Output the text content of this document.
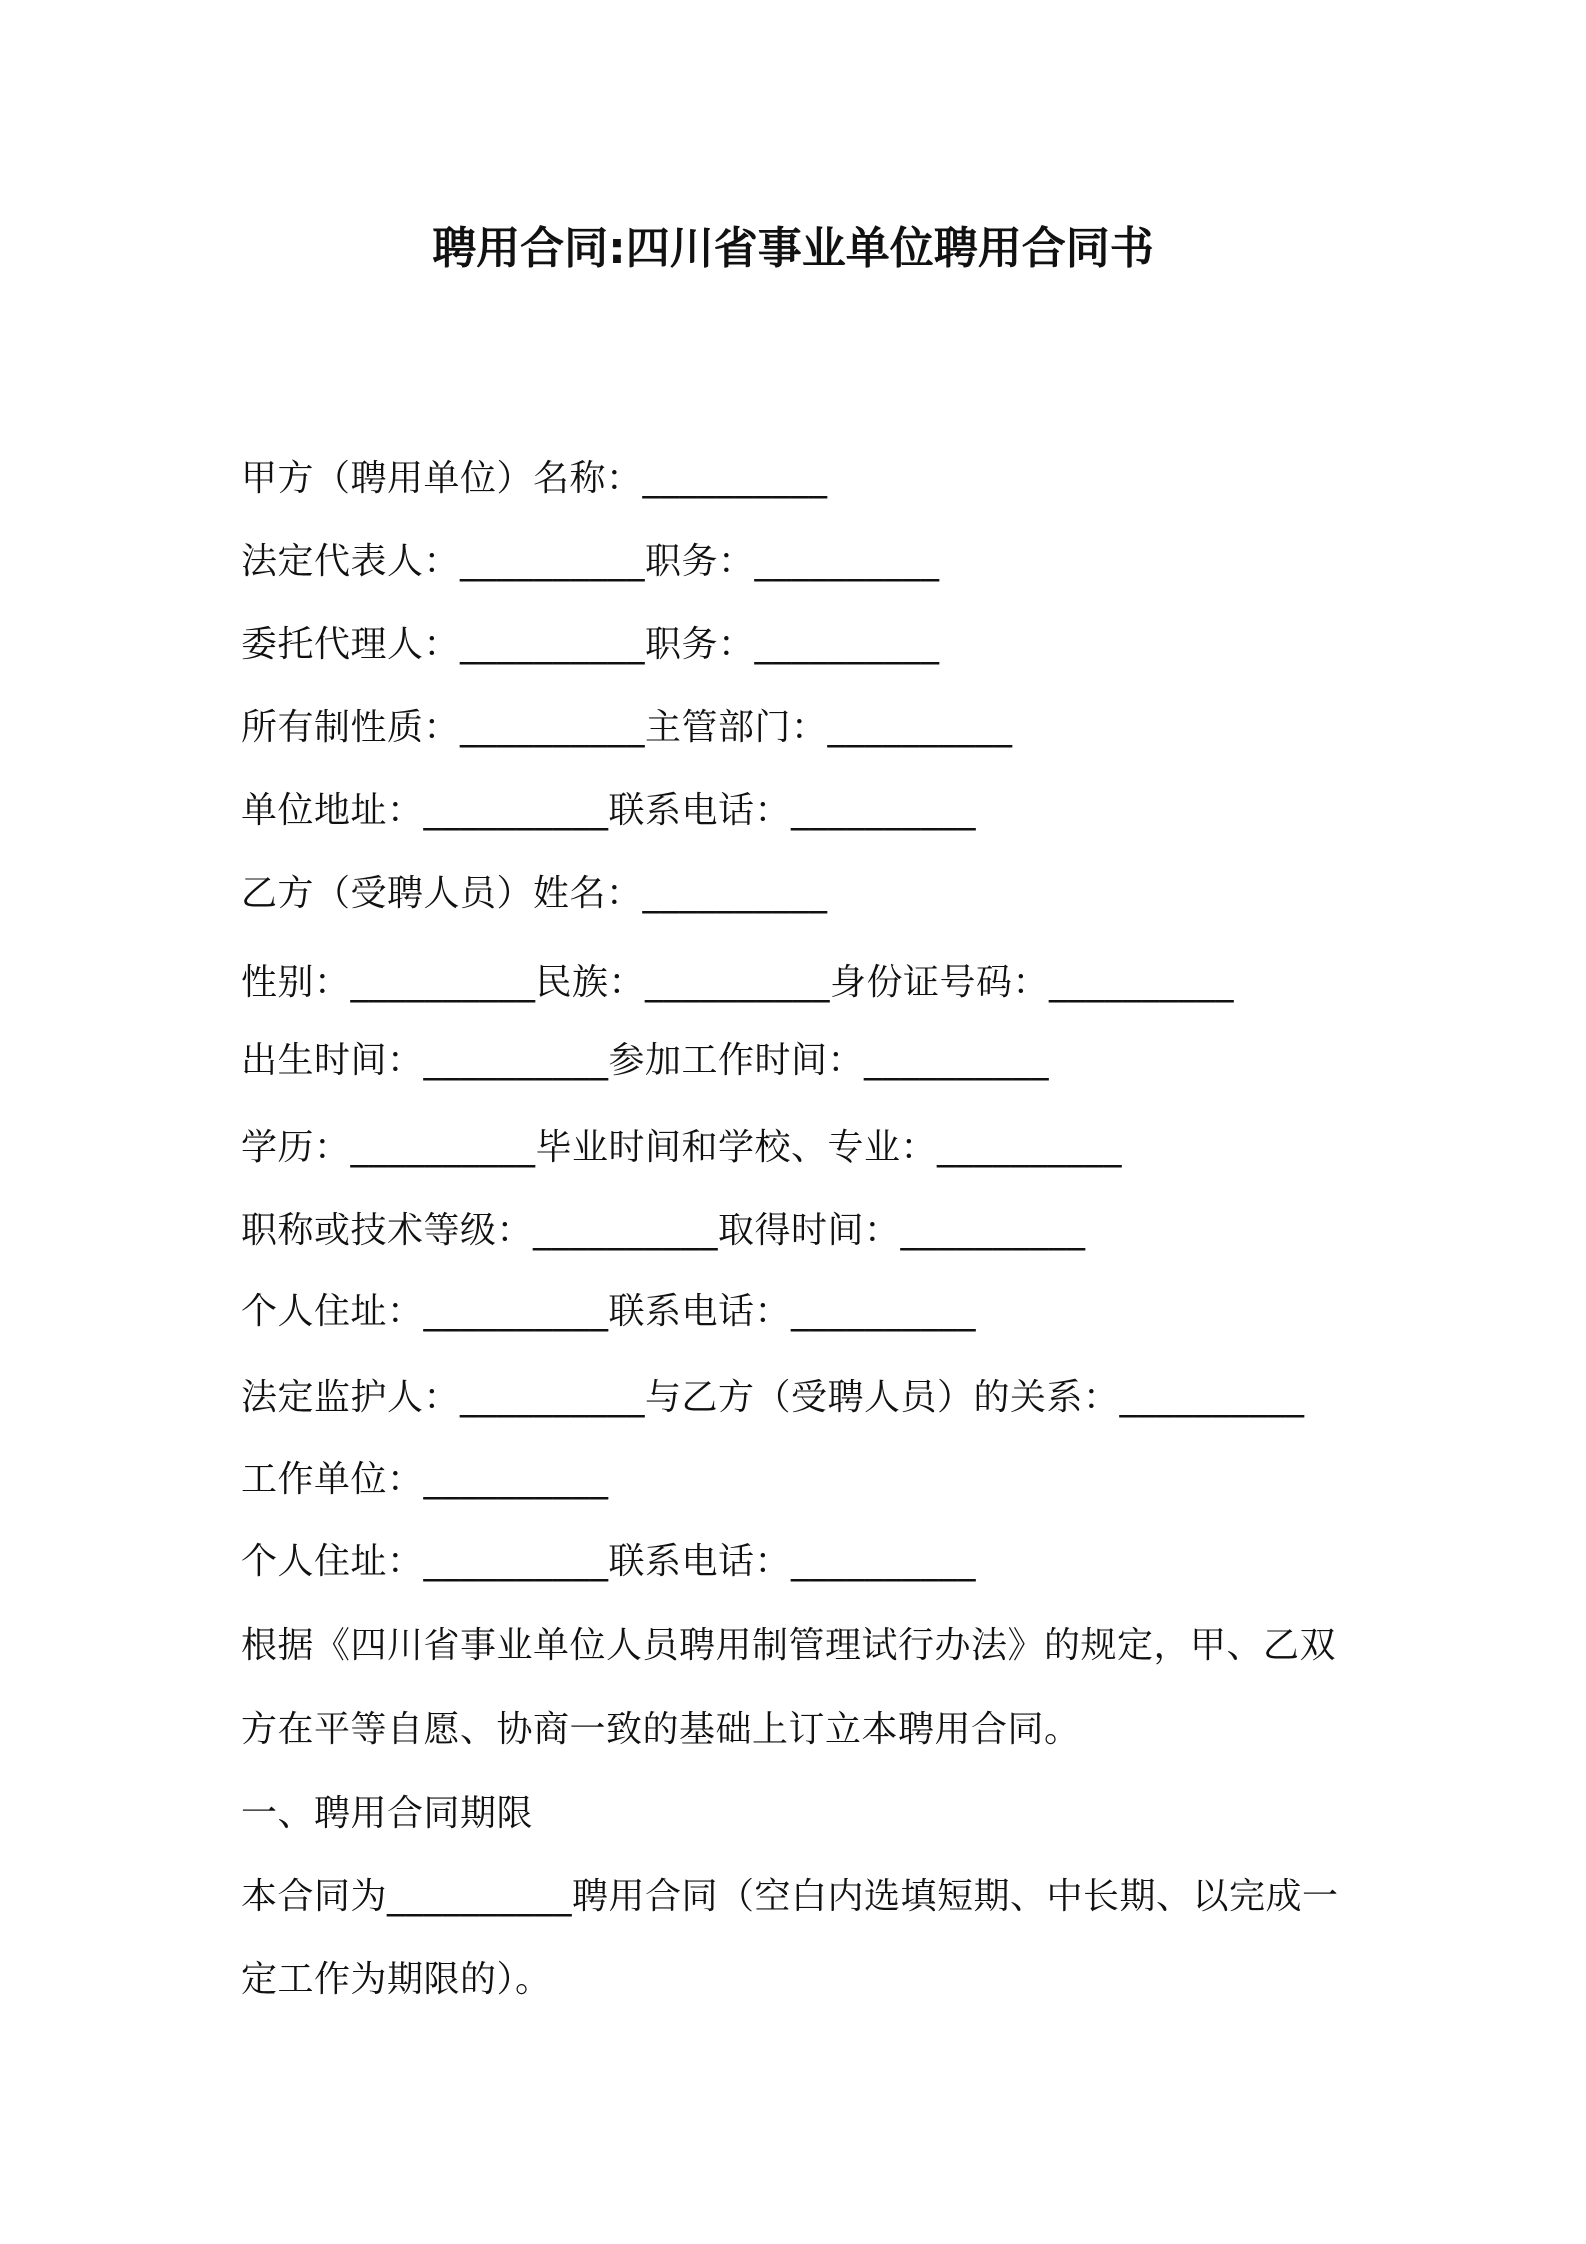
聘用合同:四川省事业单位聘用合同书
甲方（聘用单位）名称：__________
法定代表人：__________职务：__________
委托代理人：__________职务：__________
所有制性质：__________主管部门：__________
单位地址：__________联系电话：__________
乙方（受聘人员）姓名：__________
性别：__________民族：__________身份证号码：__________
出生时间：__________参加工作时间：__________
学历：__________毕业时间和学校、专业：__________
职称或技术等级：__________取得时间：__________
个人住址：__________联系电话：__________
法定监护人：__________与乙方（受聘人员）的关系：__________
工作单位：__________
个人住址：__________联系电话：__________
根据《四川省事业单位人员聘用制管理试行办法》的规定，甲、乙双
方在平等自愿、协商一致的基础上订立本聘用合同。
一、聘用合同期限
本合同为__________聘用合同（空白内选填短期、中长期、以完成一
定工作为期限的）。
